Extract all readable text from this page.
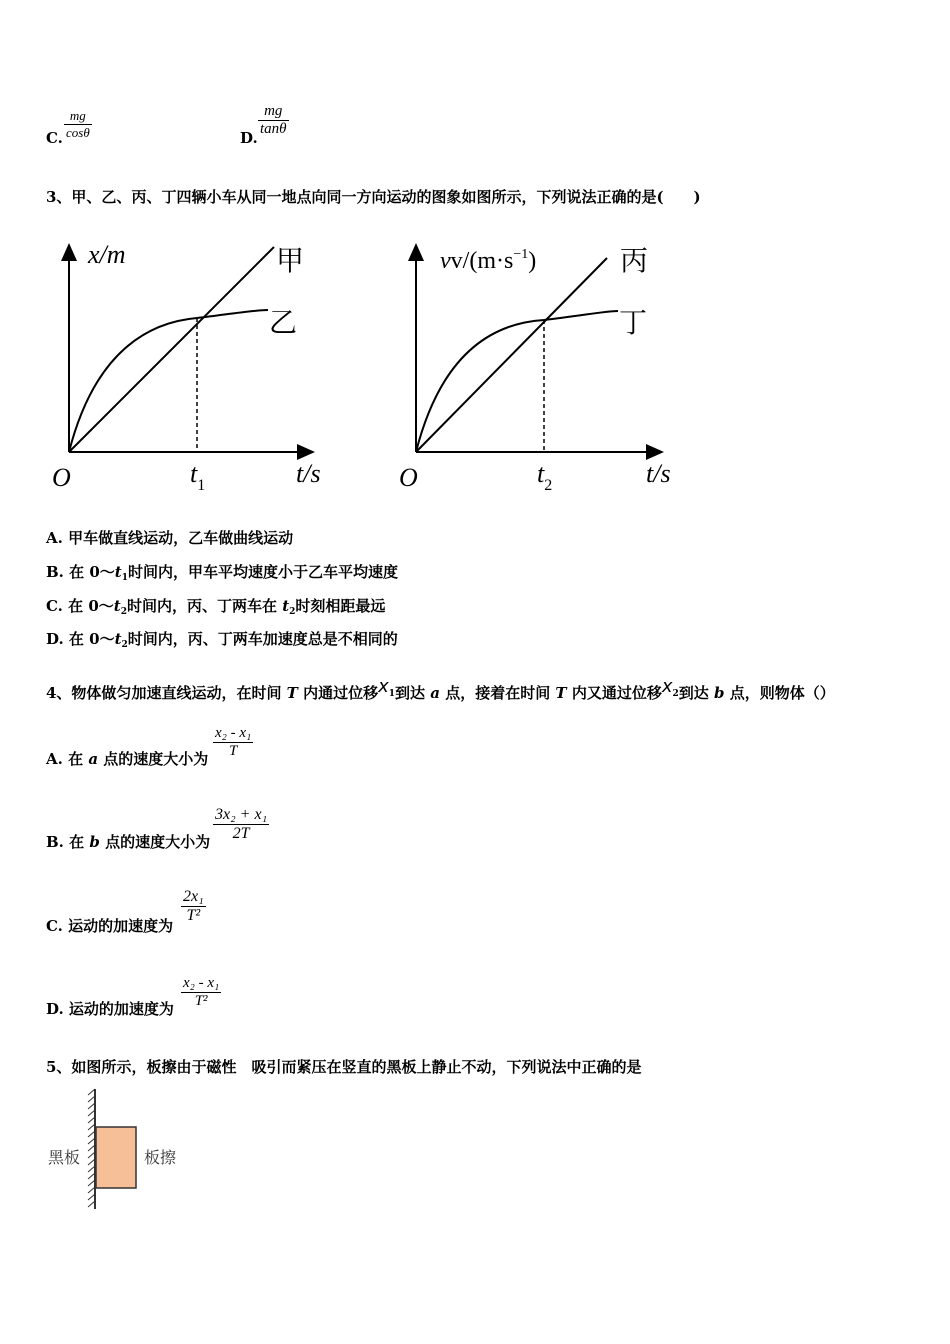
C. $\frac{mg}{\cos\theta}$	D. $\frac{mg}{\tan\theta}$
3、甲、乙、丙、丁四辆小车从同一地点向同一方向运动的图象如图所示，下列说法正确的是(　　)
x/m	甲
乙
O	$t_1$	t/s
$vv/(m\cdot s^{-1})$	丙
丁
O	$t_2$	t/s
A. 甲车做直线运动，乙车做曲线运动
B. 在 $0\sim t_1$时间内，甲车平均速度小于乙车平均速度
C. 在 $0\sim t_2$时间内，丙、丁两车在 $t_2$时刻相距最远
D. 在 $0\sim t_2$时间内，丙、丁两车加速度总是不相同的
4、物体做匀加速直线运动，在时间 T 内通过位移$x^1$到达 a 点，接着在时间 T 内又通过位移$x^2$到达 b 点，则物体（）
A. 在 a 点的速度大小为 $\frac{\text{x₂ - x₁}}{T}$
B. 在 b 点的速度大小为 $\frac{\text{3x₂ + x₁}}{2T}$
C. 运动的加速度为
$\frac{\text{2x₁}}{\text{T²}}$
D. 运动的加速度为 $\frac{\text{x₂ - x₁}}{\text{T²}}$
5、如图所示，板擦由于磁性　吸引而紧压在竖直的黑板上静止不动，下列说法中正确的是
黑板	板擦
